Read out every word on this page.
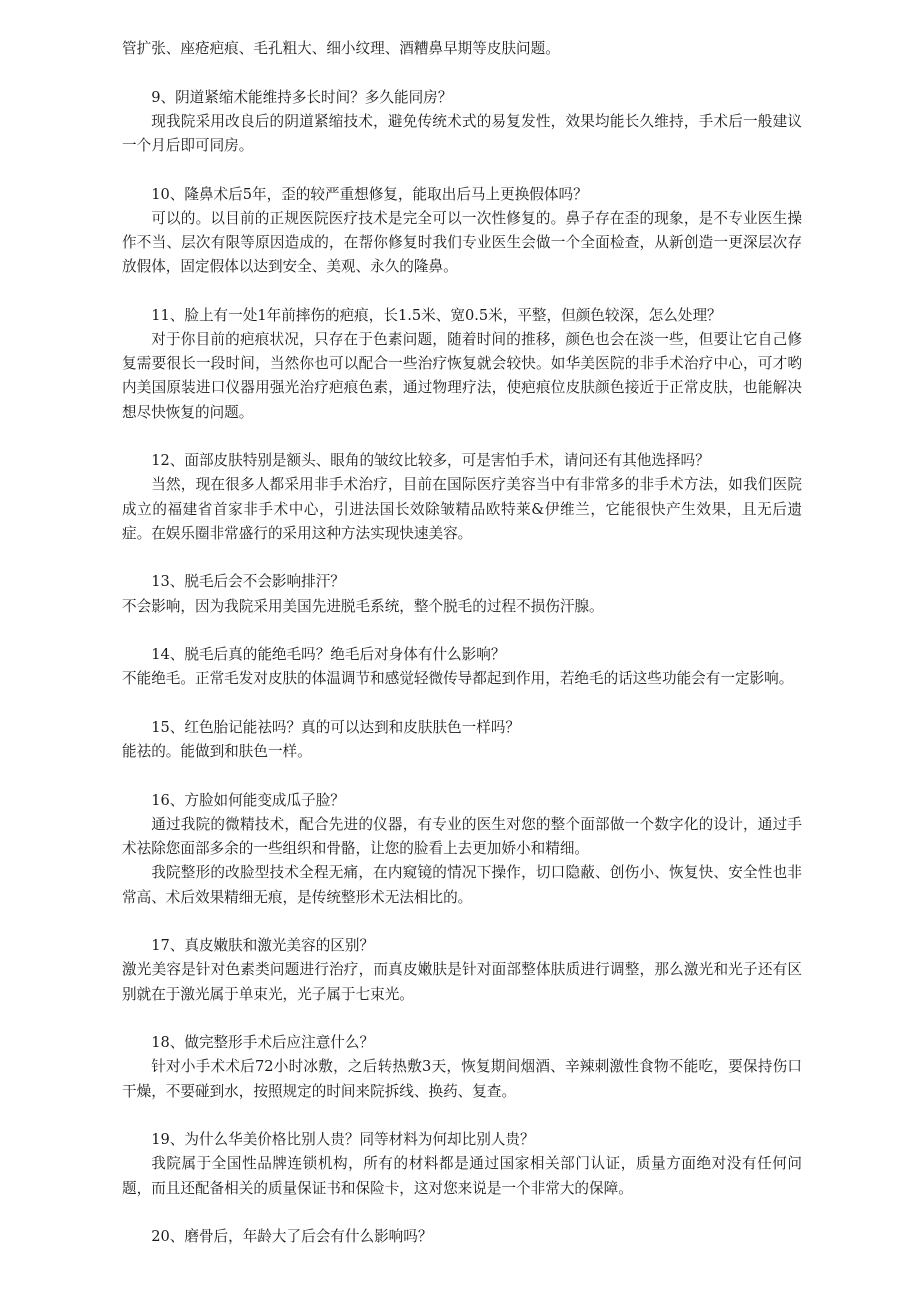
管扩张、座疮疤痕、毛孔粗大、细小纹理、酒糟鼻早期等皮肤问题。

9、阴道紧缩术能维持多长时间？多久能同房？

现我院采用改良后的阴道紧缩技术，避免传统术式的易复发性，效果均能长久维持，手术后一般建议一个月后即可同房。

10、隆鼻术后5年，歪的较严重想修复，能取出后马上更换假体吗？

可以的。以目前的正规医院医疗技术是完全可以一次性修复的。鼻子存在歪的现象，是不专业医生操作不当、层次有限等原因造成的，在帮你修复时我们专业医生会做一个全面检查，从新创造一更深层次存放假体，固定假体以达到安全、美观、永久的隆鼻。

11、脸上有一处1年前摔伤的疤痕，长1.5米、宽0.5米，平整，但颜色较深，怎么处理？

对于你目前的疤痕状况，只存在于色素问题，随着时间的推移，颜色也会在淡一些，但要让它自己修复需要很长一段时间，当然你也可以配合一些治疗恢复就会较快。如华美医院的非手术治疗中心，可才哟内美国原装进口仪器用强光治疗疤痕色素，通过物理疗法，使疤痕位皮肤颜色接近于正常皮肤，也能解决想尽快恢复的问题。

12、面部皮肤特别是额头、眼角的皱纹比较多，可是害怕手术，请问还有其他选择吗？

当然，现在很多人都采用非手术治疗，目前在国际医疗美容当中有非常多的非手术方法，如我们医院成立的福建省首家非手术中心，引进法国长效除皱精品欧特莱&伊维兰，它能很快产生效果，且无后遗症。在娱乐圈非常盛行的采用这种方法实现快速美容。

13、脱毛后会不会影响排汗？

不会影响，因为我院采用美国先进脱毛系统，整个脱毛的过程不损伤汗腺。

14、脱毛后真的能绝毛吗？绝毛后对身体有什么影响？

不能绝毛。正常毛发对皮肤的体温调节和感觉轻微传导都起到作用，若绝毛的话这些功能会有一定影响。

15、红色胎记能祛吗？真的可以达到和皮肤肤色一样吗？

能祛的。能做到和肤色一样。

16、方脸如何能变成瓜子脸？

通过我院的微精技术，配合先进的仪器，有专业的医生对您的整个面部做一个数字化的设计，通过手术祛除您面部多余的一些组织和骨骼，让您的脸看上去更加娇小和精细。

我院整形的改脸型技术全程无痛，在内窥镜的情况下操作，切口隐蔽、创伤小、恢复快、安全性也非常高、术后效果精细无痕，是传统整形术无法相比的。

17、真皮嫩肤和激光美容的区别？

激光美容是针对色素类问题进行治疗，而真皮嫩肤是针对面部整体肤质进行调整，那么激光和光子还有区别就在于激光属于单束光，光子属于七束光。

18、做完整形手术后应注意什么？

针对小手术术后72小时冰敷，之后转热敷3天，恢复期间烟酒、辛辣刺激性食物不能吃，要保持伤口干燥，不要碰到水，按照规定的时间来院拆线、换药、复查。

19、为什么华美价格比别人贵？同等材料为何却比别人贵？

我院属于全国性品牌连锁机构，所有的材料都是通过国家相关部门认证，质量方面绝对没有任何问题，而且还配备相关的质量保证书和保险卡，这对您来说是一个非常大的保障。

20、磨骨后，年龄大了后会有什么影响吗？
